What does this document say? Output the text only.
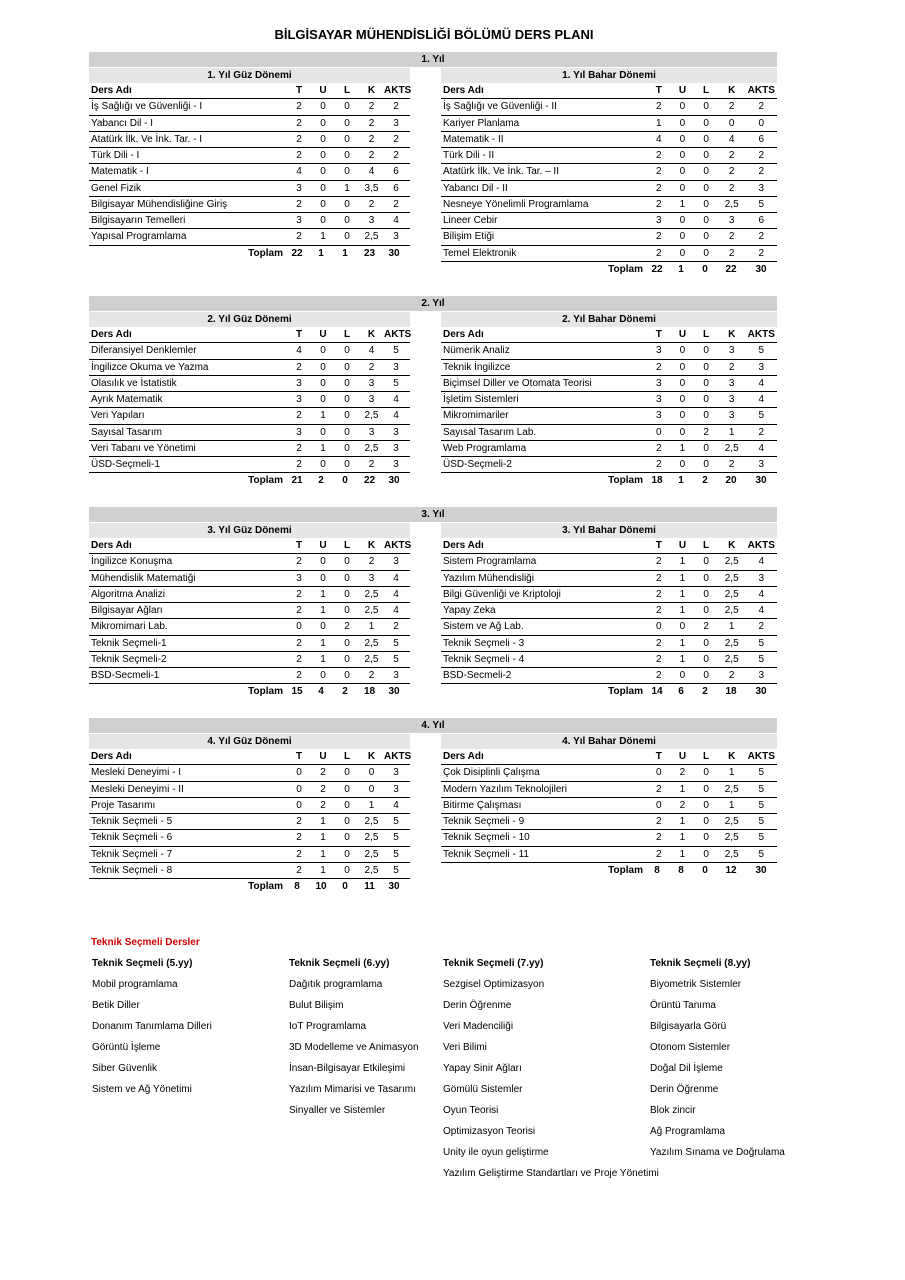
BİLGİSAYAR MÜHENDİSLİĞİ BÖLÜMÜ DERS PLANI
1. Yıl
1. Yıl Güz Dönemi
Ders Adı	T	U	L	K AKTS
İş Sağlığı ve Güvenliği - I	2	0	0	2	2
Yabancı Dil - I	2	0	0	2	3
Atatürk İlk. Ve İnk. Tar. - I	2	0	0	2	2
Türk Dili - I	2	0	0	2	2
Matematik - I	4	0	0	4	6
Genel Fizik	3	0	1	3,5	6
Bilgisayar Mühendisliğine Giriş	2	0	0	2	2
Bilgisayarın Temelleri	3	0	0	3	4
Yapısal Programlama	2	1	0	2,5	3
Toplam 22	1	1	23	30
1. Yıl Bahar Dönemi
Ders Adı	T	U	L	K	AKTS
İş Sağlığı ve Güvenliği - II	2	0	0	2	2
Kariyer Planlama	1	0	0	0	0
Matematik - II	4	0	0	4	6
Türk Dili - II	2	0	0	2	2
Atatürk İlk. Ve İnk. Tar. – II	2	0	0	2	2
Yabancı Dil - II	2	0	0	2	3
Nesneye Yönelimli Programlama	2	1	0	2,5	5
Lineer Cebir	3	0	0	3	6
Bilişim Etiği	2	0	0	2	2
Temel Elektronik	2	0	0	2	2
Toplam 22	1	0	22	30
2. Yıl
2. Yıl Güz Dönemi
Ders Adı	T	U	L	K AKTS
Diferansiyel Denklemler	4	0	0	4	5
İngilizce Okuma ve Yazma	2	0	0	2	3
Olasılık ve İstatistik	3	0	0	3	5
Ayrık Matematik	3	0	0	3	4
Veri Yapıları	2	1	0	2,5	4
Sayısal Tasarım	3	0	0	3	3
Veri Tabanı ve Yönetimi	2	1	0	2,5	3
ÜSD-Seçmeli-1	2	0	0	2	3
Toplam 21	2	0	22	30
2. Yıl Bahar Dönemi
Ders Adı	T	U	L	K	AKTS
Nümerik Analiz	3	0	0	3	5
Teknik İngilizce	2	0	0	2	3
Biçimsel Diller ve Otomata Teorisi	3	0	0	3	4
İşletim Sistemleri	3	0	0	3	4
Mikromimariler	3	0	0	3	5
Sayısal Tasarım Lab.	0	0	2	1	2
Web Programlama	2	1	0	2,5	4
ÜSD-Seçmeli-2	2	0	0	2	3
Toplam 18	1	2	20	30
3. Yıl
3. Yıl Güz Dönemi
Ders Adı	T	U	L	K AKTS
İngilizce Konuşma	2	0	0	2	3
Mühendislik Matematiği	3	0	0	3	4
Algoritma Analizi	2	1	0	2,5	4
Bilgisayar Ağları	2	1	0	2,5	4
Mikromimari Lab.	0	0	2	1	2
Teknik Seçmeli-1	2	1	0	2,5	5
Teknik Seçmeli-2	2	1	0	2,5	5
BSD-Secmeli-1	2	0	0	2	3
Toplam 15	4	2	18	30
3. Yıl Bahar Dönemi
Ders Adı	T	U	L	K	AKTS
Sistem Programlama	2	1	0	2,5	4
Yazılım Mühendisliği	2	1	0	2,5	3
Bilgi Güvenliği ve Kriptoloji	2	1	0	2,5	4
Yapay Zeka	2	1	0	2,5	4
Sistem ve Ağ Lab.	0	0	2	1	2
Teknik Seçmeli - 3	2	1	0	2,5	5
Teknik Seçmeli - 4	2	1	0	2,5	5
BSD-Secmeli-2	2	0	0	2	3
Toplam 14	6	2	18	30
4. Yıl
4. Yıl Güz Dönemi
Ders Adı	T	U	L	K AKTS
Mesleki Deneyimi - I	0	2	0	0	3
Mesleki Deneyimi - II	0	2	0	0	3
Proje Tasarımı	0	2	0	1	4
Teknik Seçmeli - 5	2	1	0	2,5	5
Teknik Seçmeli - 6	2	1	0	2,5	5
Teknik Seçmeli - 7	2	1	0	2,5	5
Teknik Seçmeli - 8	2	1	0	2,5	5
Toplam	8	10	0	11	30
4. Yıl Bahar Dönemi
Ders Adı	T	U	L	K	AKTS
Çok Disiplinli Çalışma	0	2	0	1	5
Modern Yazılım Teknolojileri	2	1	0	2,5	5
Bitirme Çalışması	0	2	0	1	5
Teknik Seçmeli - 9	2	1	0	2,5	5
Teknik Seçmeli - 10	2	1	0	2,5	5
Teknik Seçmeli - 11	2	1	0	2,5	5
Toplam	8	8	0	12	30
Teknik Seçmeli Dersler
Teknik Seçmeli (5.yy)
Mobil programlama
Betik Diller
Donanım Tanımlama Dilleri
Görüntü İşleme
Siber Güvenlik
Sistem ve Ağ Yönetimi
Teknik Seçmeli (6.yy)
Dağıtık programlama
Bulut Bilişim
IoT Programlama
3D Modelleme ve Animasyon
İnsan-Bilgisayar Etkileşimi
Yazılım Mimarisi ve Tasarımı
Sinyaller ve Sistemler
Teknik Seçmeli (7.yy)
Sezgisel Optimizasyon
Derin Öğrenme
Veri Madenciliği
Veri Bilimi
Yapay Sinir Ağları
Gömülü Sistemler
Oyun Teorisi
Optimizasyon Teorisi
Unity ile oyun geliştirme
Yazılım Geliştirme Standartları ve Proje Yönetimi
Teknik Seçmeli (8.yy)
Biyometrik Sistemler
Örüntü Tanıma
Bilgisayarla Görü
Otonom Sistemler
Doğal Dil İşleme
Derin Öğrenme
Blok zincir
Ağ Programlama
Yazılım Sınama ve Doğrulama
